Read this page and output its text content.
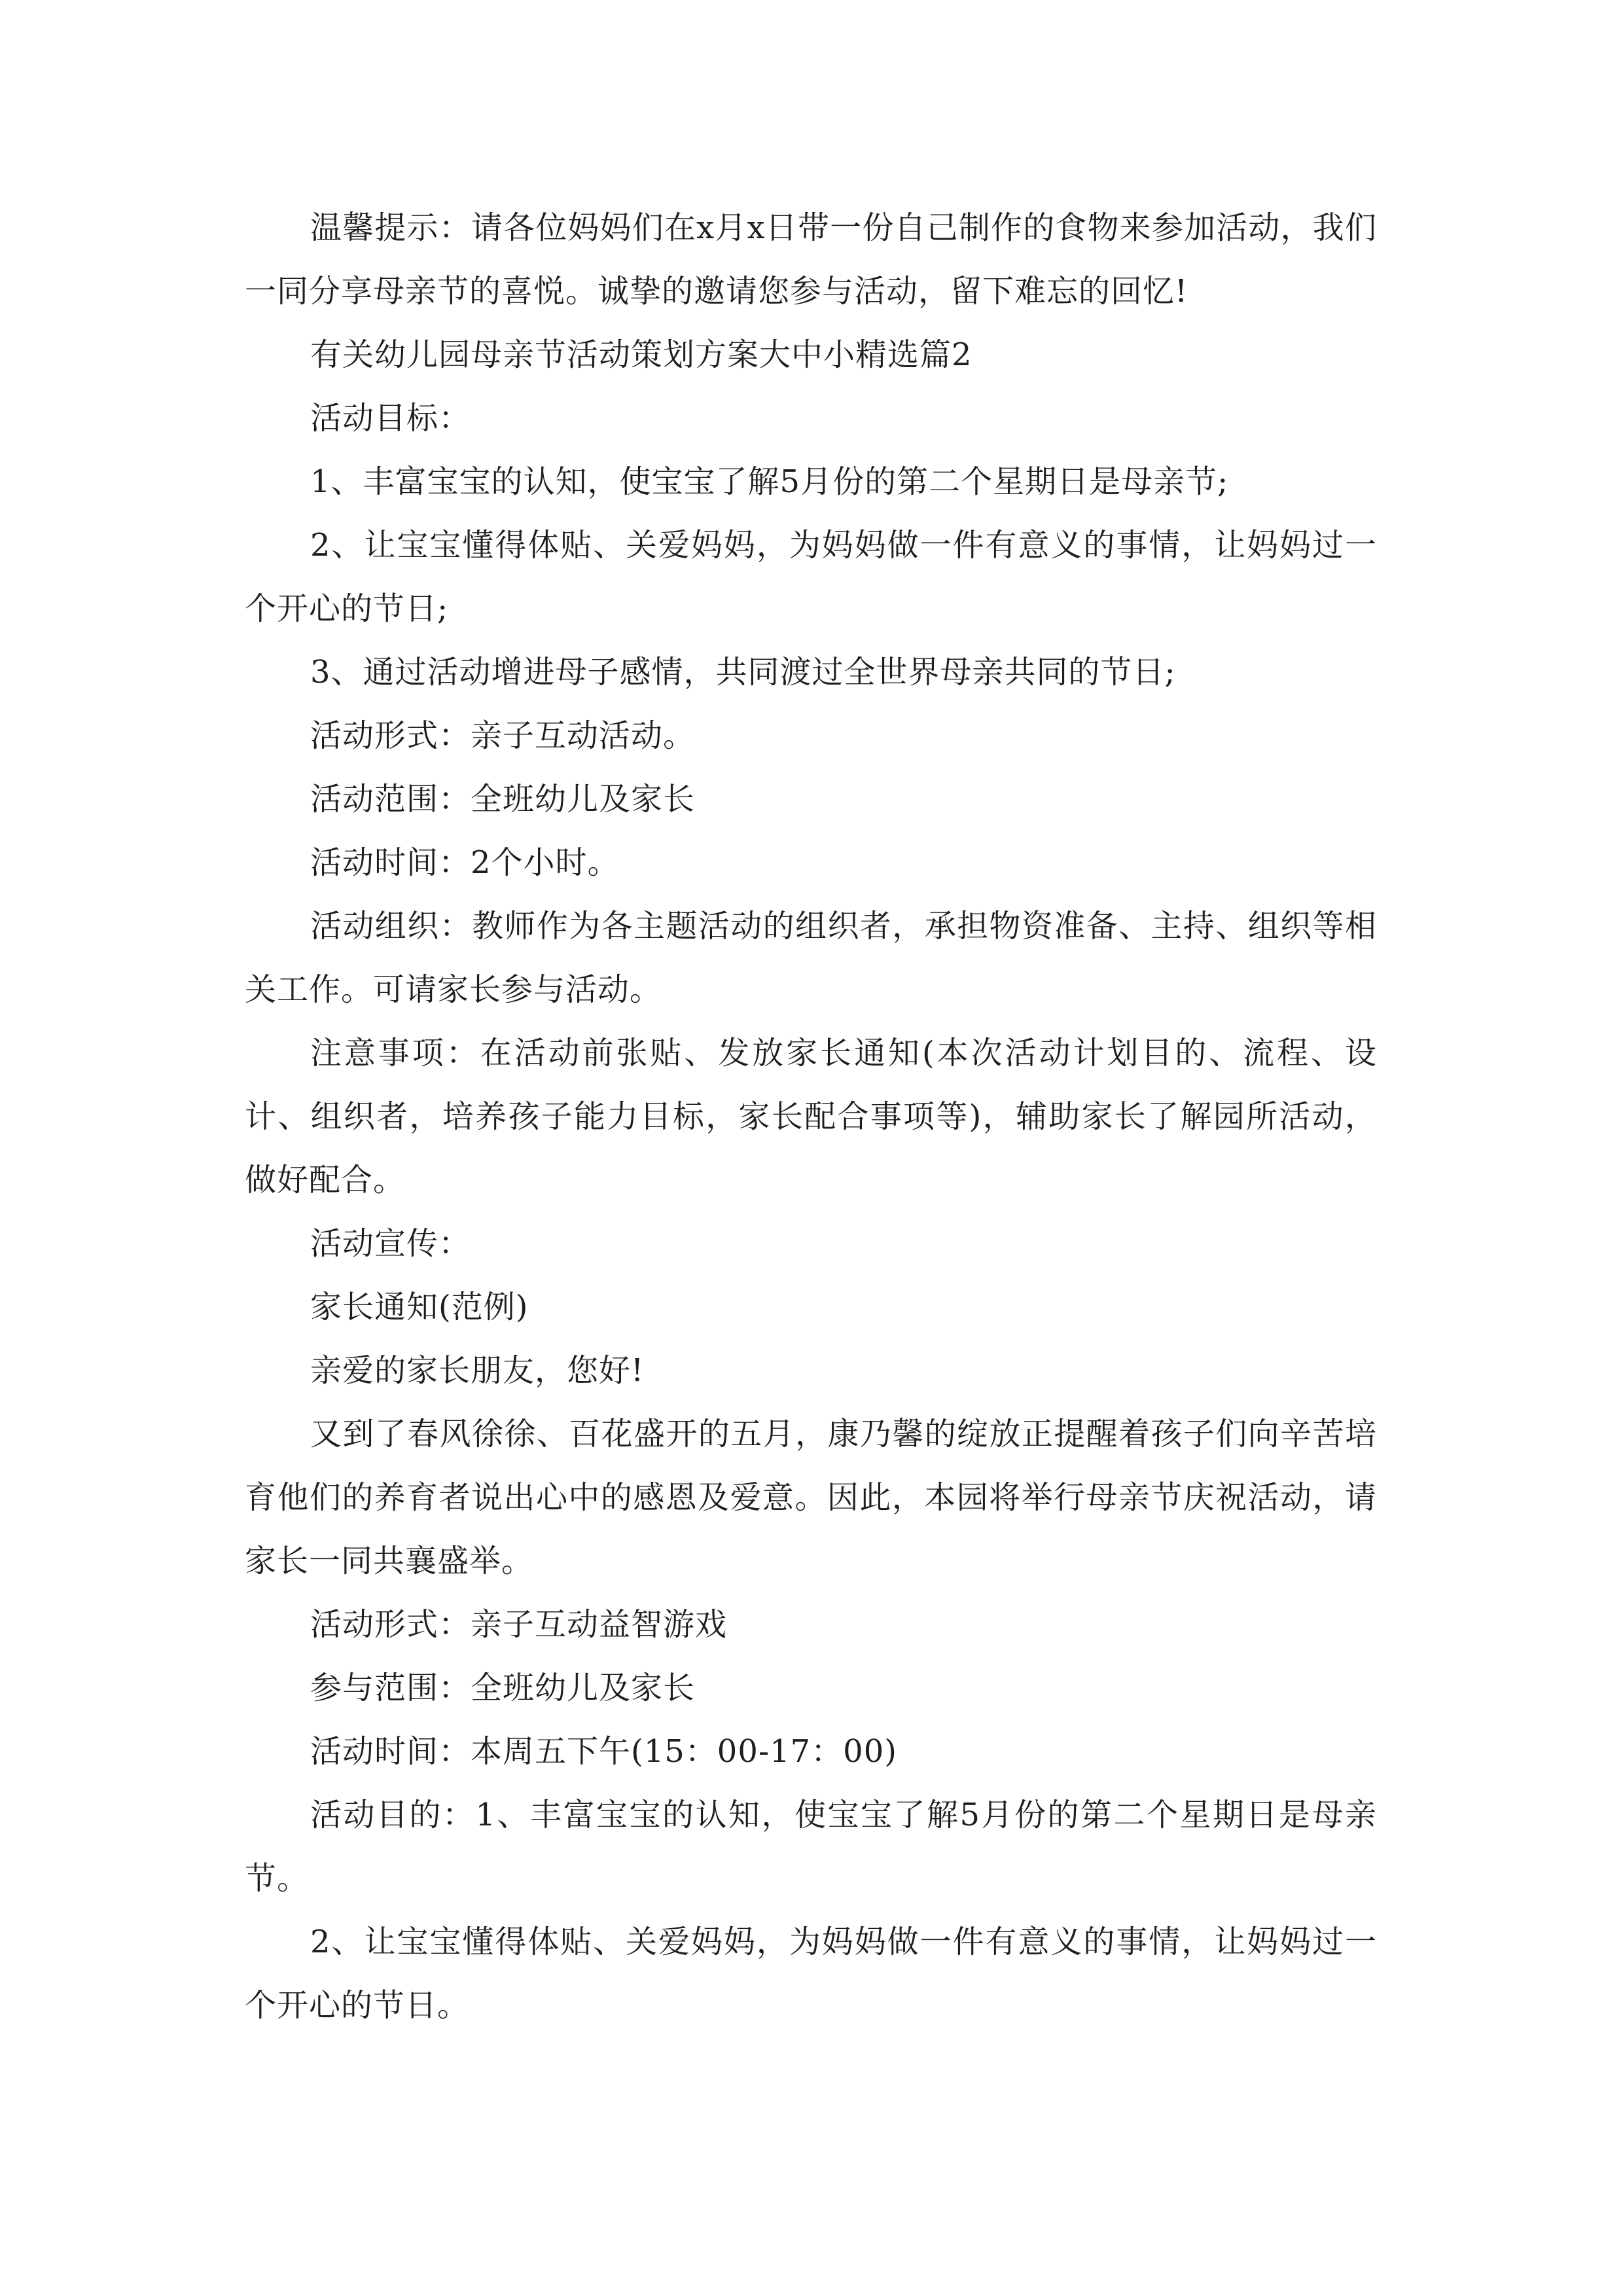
温馨提示：请各位妈妈们在x月x日带一份自己制作的食物来参加活动，我们一同分享母亲节的喜悦。诚挚的邀请您参与活动，留下难忘的回忆!

有关幼儿园母亲节活动策划方案大中小精选篇2

活动目标：

1、丰富宝宝的认知，使宝宝了解5月份的第二个星期日是母亲节;

2、让宝宝懂得体贴、关爱妈妈，为妈妈做一件有意义的事情，让妈妈过一个开心的节日;

3、通过活动增进母子感情，共同渡过全世界母亲共同的节日;

活动形式：亲子互动活动。

活动范围：全班幼儿及家长

活动时间：2个小时。

活动组织：教师作为各主题活动的组织者，承担物资准备、主持、组织等相关工作。可请家长参与活动。

注意事项：在活动前张贴、发放家长通知(本次活动计划目的、流程、设计、组织者，培养孩子能力目标，家长配合事项等)，辅助家长了解园所活动，做好配合。

活动宣传：

家长通知(范例)

亲爱的家长朋友，您好!

又到了春风徐徐、百花盛开的五月，康乃馨的绽放正提醒着孩子们向辛苦培育他们的养育者说出心中的感恩及爱意。因此，本园将举行母亲节庆祝活动，请家长一同共襄盛举。

活动形式：亲子互动益智游戏

参与范围：全班幼儿及家长

活动时间：本周五下午(15：00-17：00)

活动目的：1、丰富宝宝的认知，使宝宝了解5月份的第二个星期日是母亲节。

2、让宝宝懂得体贴、关爱妈妈，为妈妈做一件有意义的事情，让妈妈过一个开心的节日。
